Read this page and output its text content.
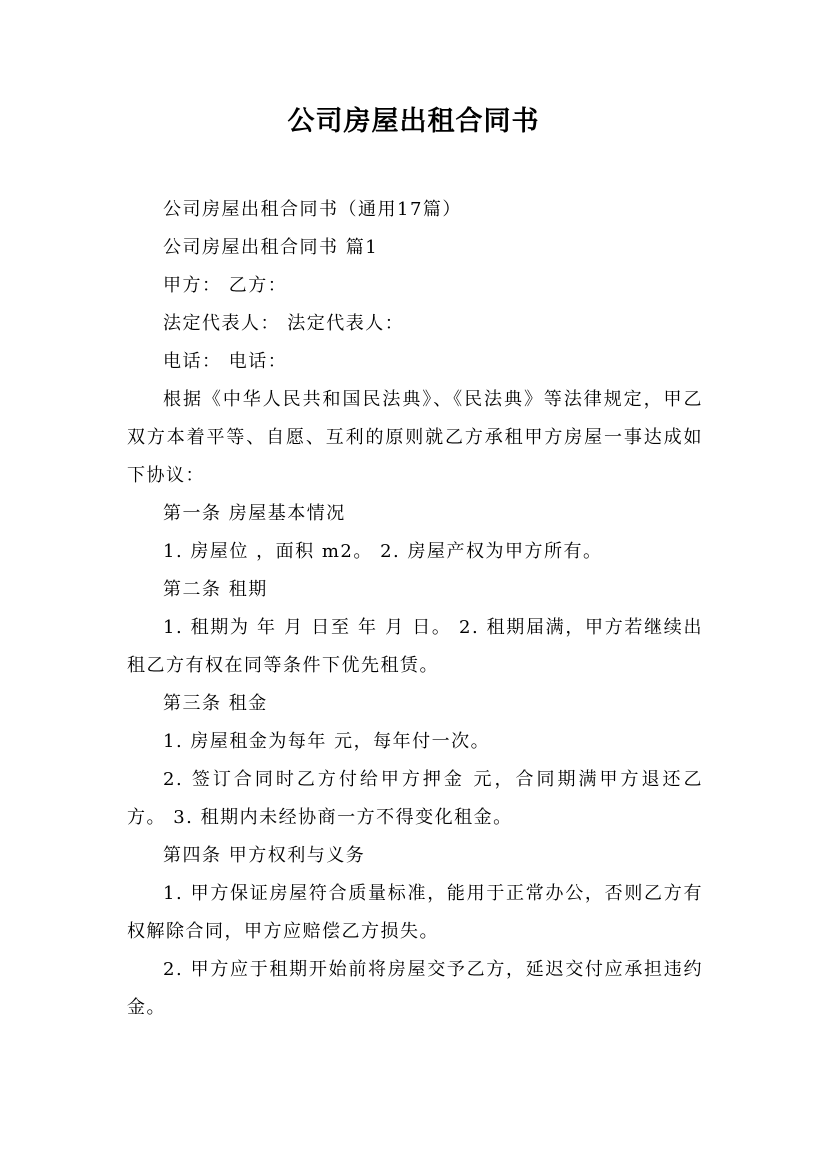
公司房屋出租合同书

公司房屋出租合同书（通用17篇）

公司房屋出租合同书 篇1

甲方： 乙方：

法定代表人： 法定代表人：

电话： 电话：

根据《中华人民共和国民法典》、《民法典》等法律规定，甲乙双方本着平等、自愿、互利的原则就乙方承租甲方房屋一事达成如下协议：

第一条 房屋基本情况

1. 房屋位 ，面积 m2。 2. 房屋产权为甲方所有。

第二条 租期

1. 租期为 年 月 日至 年 月 日。 2. 租期届满，甲方若继续出租乙方有权在同等条件下优先租赁。

第三条 租金

1. 房屋租金为每年 元，每年付一次。

2. 签订合同时乙方付给甲方押金 元，合同期满甲方退还乙方。 3. 租期内未经协商一方不得变化租金。

第四条 甲方权利与义务

1. 甲方保证房屋符合质量标准，能用于正常办公，否则乙方有权解除合同，甲方应赔偿乙方损失。

2. 甲方应于租期开始前将房屋交予乙方，延迟交付应承担违约金。
